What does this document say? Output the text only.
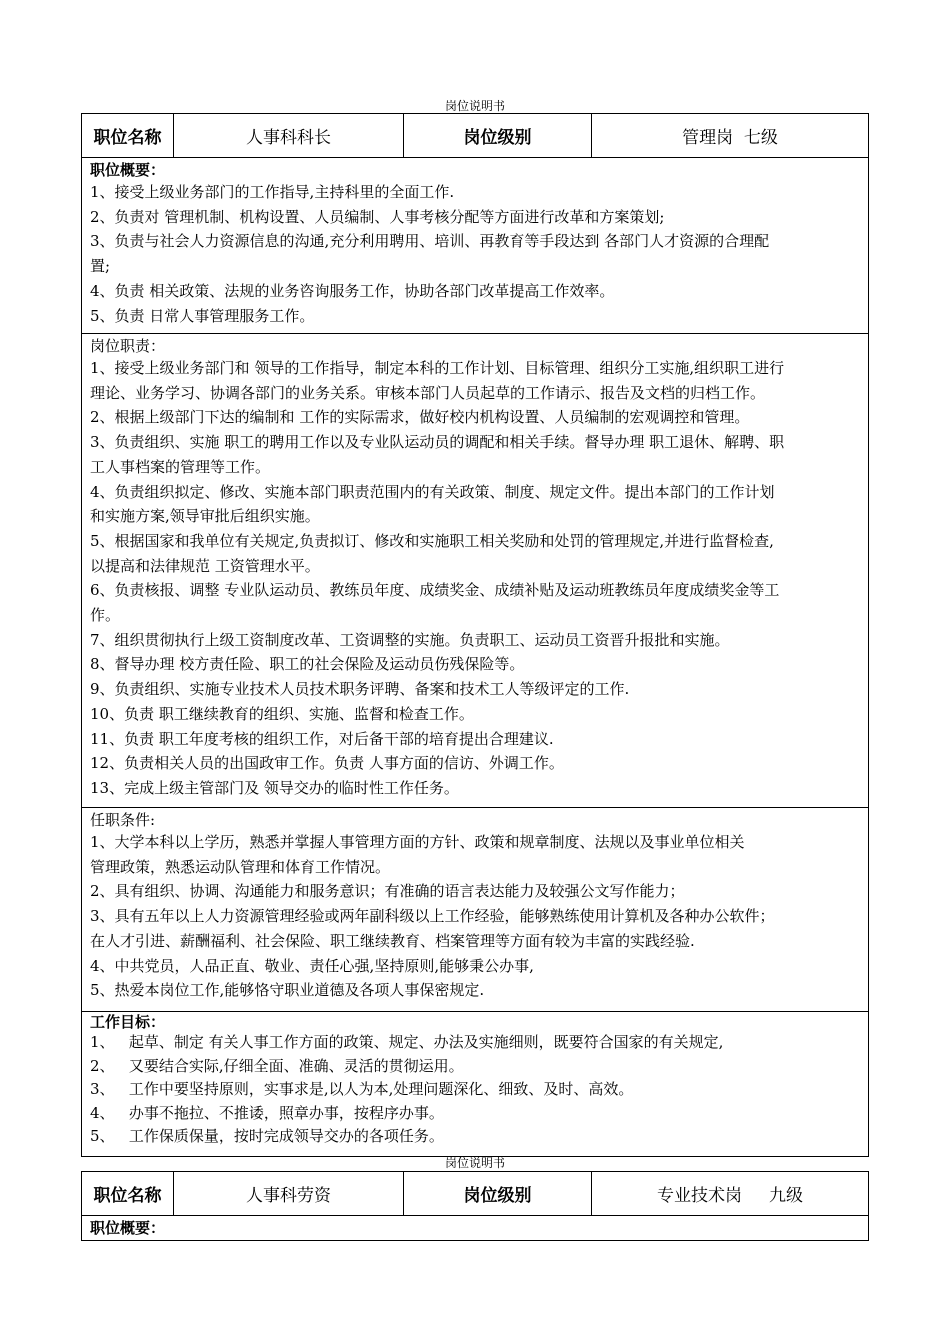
岗位说明书
职位名称	人事科科长	岗位级别	管理岗  七级
职位概要：
1、接受上级业务部门的工作指导,主持科里的全面工作.
2、负责对 管理机制、机构设置、人员编制、人事考核分配等方面进行改革和方案策划;
3、负责与社会人力资源信息的沟通,充分利用聘用、培训、再教育等手段达到 各部门人才资源的合理配
置;
4、负责 相关政策、法规的业务咨询服务工作，协助各部门改革提高工作效率。
5、负责 日常人事管理服务工作。
岗位职责：
1、接受上级业务部门和 领导的工作指导，制定本科的工作计划、目标管理、组织分工实施,组织职工进行
理论、业务学习、协调各部门的业务关系。审核本部门人员起草的工作请示、报告及文档的归档工作。
2、根据上级部门下达的编制和 工作的实际需求，做好校内机构设置、人员编制的宏观调控和管理。
3、负责组织、实施 职工的聘用工作以及专业队运动员的调配和相关手续。督导办理 职工退休、解聘、职
工人事档案的管理等工作。
4、负责组织拟定、修改、实施本部门职责范围内的有关政策、制度、规定文件。提出本部门的工作计划
和实施方案,领导审批后组织实施。
5、根据国家和我单位有关规定,负责拟订、修改和实施职工相关奖励和处罚的管理规定,并进行监督检查,
以提高和法律规范 工资管理水平。
6、负责核报、调整 专业队运动员、教练员年度、成绩奖金、成绩补贴及运动班教练员年度成绩奖金等工
作。
7、组织贯彻执行上级工资制度改革、工资调整的实施。负责职工、运动员工资晋升报批和实施。
8、督导办理 校方责任险、职工的社会保险及运动员伤残保险等。
9、负责组织、实施专业技术人员技术职务评聘、备案和技术工人等级评定的工作.
10、负责 职工继续教育的组织、实施、监督和检查工作。
11、负责 职工年度考核的组织工作，对后备干部的培育提出合理建议.
12、负责相关人员的出国政审工作。负责 人事方面的信访、外调工作。
13、完成上级主管部门及 领导交办的临时性工作任务。
任职条件:
1、大学本科以上学历，熟悉并掌握人事管理方面的方针、政策和规章制度、法规以及事业单位相关
管理政策，熟悉运动队管理和体育工作情况。
2、具有组织、协调、沟通能力和服务意识；有准确的语言表达能力及较强公文写作能力；
3、具有五年以上人力资源管理经验或两年副科级以上工作经验，能够熟练使用计算机及各种办公软件；
在人才引进、薪酬福利、社会保险、职工继续教育、档案管理等方面有较为丰富的实践经验.
4、中共党员，人品正直、敬业、责任心强,坚持原则,能够秉公办事,
5、热爱本岗位工作,能够恪守职业道德及各项人事保密规定.
工作目标：
1、   起草、制定 有关人事工作方面的政策、规定、办法及实施细则，既要符合国家的有关规定,
2、   又要结合实际,仔细全面、准确、灵活的贯彻运用。
3、   工作中要坚持原则，实事求是,以人为本,处理问题深化、细致、及时、高效。
4、   办事不拖拉、不推诿，照章办事，按程序办事。
5、   工作保质保量，按时完成领导交办的各项任务。
岗位说明书
职位名称	人事科劳资	岗位级别	专业技术岗     九级
职位概要：
